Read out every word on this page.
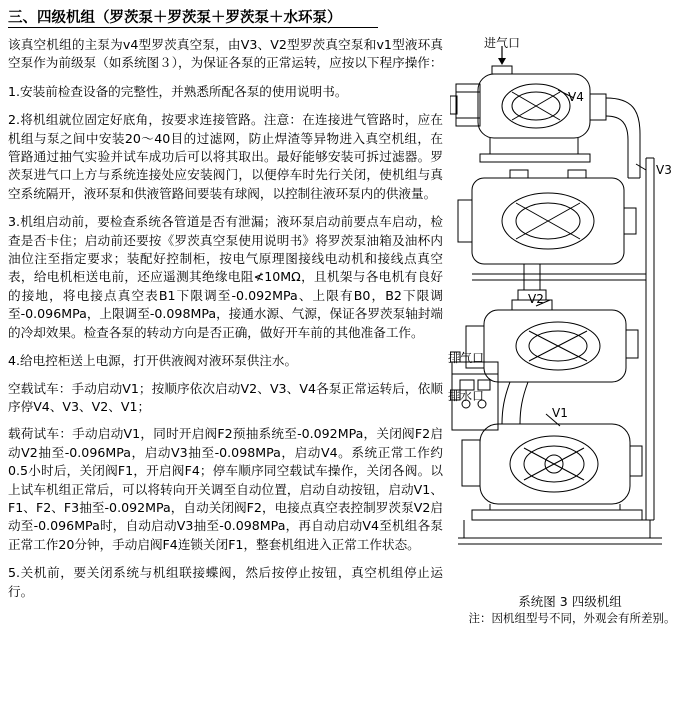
三、四级机组（罗茨泵＋罗茨泵＋罗茨泵＋水环泵）

该真空机组的主泵为v4型罗茨真空泵，由V3、V2型罗茨真空泵和v1型液环真空泵作为前级泵（如系统图３），为保证各泵的正常运转，应按以下程序操作：

1.安装前检查设备的完整性，并熟悉所配各泵的使用说明书。

2.将机组就位固定好底角，按要求连接管路。注意：在连接进气管路时，应在机组与泵之间中安装20～40目的过滤网，防止焊渣等异物进入真空机组，在管路通过抽气实验并试车成功后可以将其取出。最好能够安装可拆过滤器。罗茨泵进气口上方与系统连接处应安装阀门，以便停车时先行关闭，使机组与真空系统隔开，液环泵和供液管路间要装有球阀，以控制往液环泵内的供液量。

3.机组启动前，要检查系统各管道是否有泄漏；液环泵启动前要点车启动，检查是否卡住；启动前还要按《罗茨真空泵使用说明书》将罗茨泵油箱及油杯内油位注至指定要求；装配好控制柜，按电气原理图接线电动机和接线点真空表，给电机柜送电前，还应遥测其绝缘电阻≮10MΩ，且机架与各电机有良好的接地，将电接点真空表B1下限调至-0.092MPa、上限有B0，B2下限调至-0.096MPa，上限调至-0.098MPa，接通水源、气源，保证各罗茨泵轴封端的冷却效果。检查各泵的转动方向是否正确，做好开车前的其他准备工作。

4.给电控柜送上电源，打开供液阀对液环泵供注水。

空载试车：手动启动V1；按顺序依次启动V2、V3、V4各泵正常运转后，依顺序停V4、V3、V2、V1；

载荷试车：手动启动V1，同时开启阀F2预抽系统至-0.092MPa，关闭阀F2启动V2抽至-0.096MPa，启动V3抽至-0.098MPa，启动V4。系统正常工作约0.5小时后，关闭阀F1，开启阀F4；停车顺序同空载试车操作，关闭各阀。以上试车机组正常后，可以将转向开关调至自动位置，启动自动按钮，启动V1、F1、F2、F3抽至-0.092MPa，自动关闭阀F2，电接点真空表控制罗茨泵V2启动至-0.096MPa时，自动启动V3抽至-0.098MPa，再自动启动V4至机组各泵正常工作20分钟，手动启阀F4连锁关闭F1，整套机组进入正常工作状态。

5.关机前，要关闭系统与机组联接蝶阀，然后按停止按钮，真空机组停止运行。

进气口
V4
V3
V2
V1
排气口
排水口
系统图 3 四级机组
注：因机组型号不同，外观会有所差别。
